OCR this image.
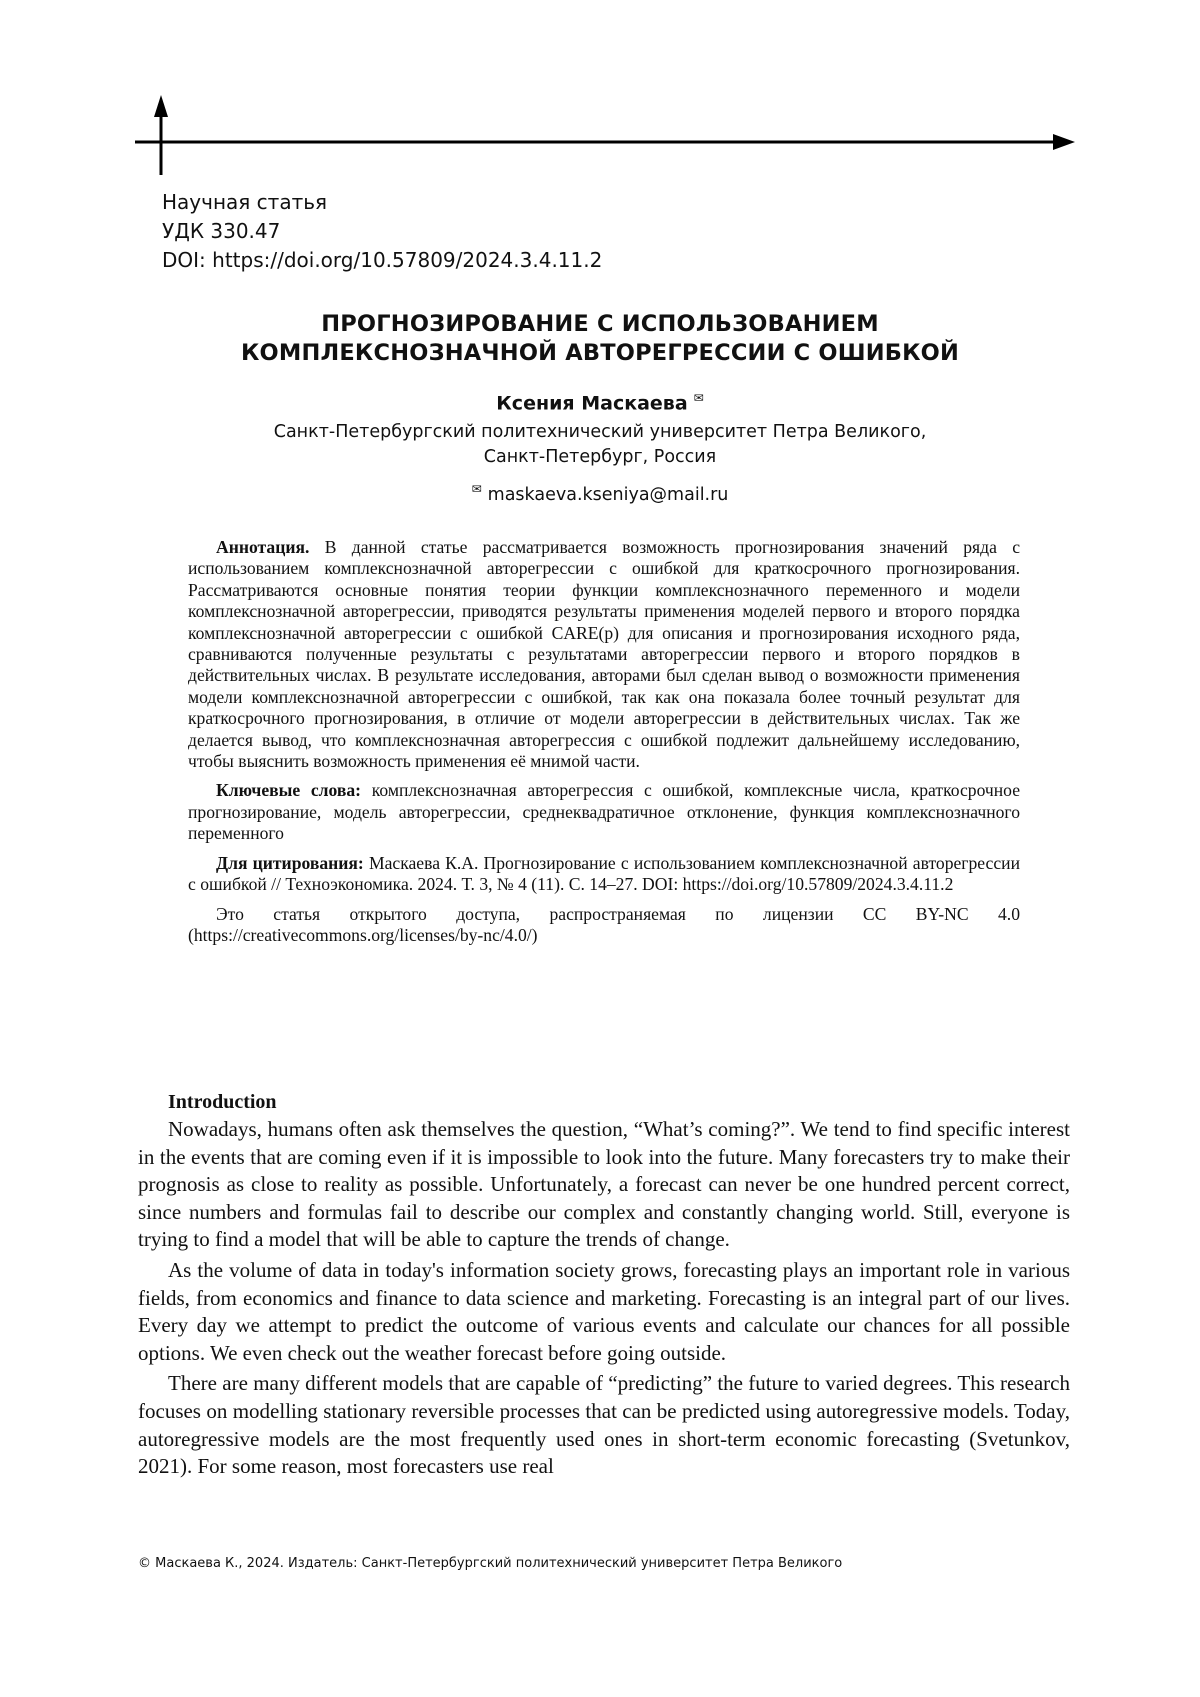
Научная статья
УДК 330.47
DOI: https://doi.org/10.57809/2024.3.4.11.2
ПРОГНОЗИРОВАНИЕ С ИСПОЛЬЗОВАНИЕМ
КОМПЛЕКСНОЗНАЧНОЙ АВТОРЕГРЕССИИ С ОШИБКОЙ
Ксения Маскаева ✉
Санкт-Петербургский политехнический университет Петра Великого,
Санкт-Петербург, Россия
✉ maskaeva.kseniya@mail.ru

Аннотация. В данной статье рассматривается возможность прогнозирования значений ряда с использованием комплекснозначной авторегрессии с ошибкой для краткосрочного прогнозирования. Рассматриваются основные понятия теории функции комплекснозначного переменного и модели комплекснозначной авторегрессии, приводятся результаты применения моделей первого и второго порядка комплекснозначной авторегрессии с ошибкой CARE(p) для описания и прогнозирования исходного ряда, сравниваются полученные результаты с результатами авторегрессии первого и второго порядков в действительных числах. В результате исследования, авторами был сделан вывод о возможности применения модели комплекснозначной авторегрессии с ошибкой, так как она показала более точный результат для краткосрочного прогнозирования, в отличие от модели авторегрессии в действительных числах. Так же делается вывод, что комплекснозначная авторегрессия с ошибкой подлежит дальнейшему исследованию, чтобы выяснить возможность применения её мнимой части.

Ключевые слова: комплекснозначная авторегрессия с ошибкой, комплексные числа, краткосрочное прогнозирование, модель авторегрессии, среднеквадратичное отклонение, функция комплекснозначного переменного

Для цитирования: Маскаева К.А. Прогнозирование с использованием комплекснозначной авторегрессии с ошибкой // Техноэкономика. 2024. Т. 3, № 4 (11). С. 14–27. DOI: https://doi.org/10.57809/2024.3.4.11.2

Это статья открытого доступа, распространяемая по лицензии CC BY-NC 4.0 (https://creativecommons.org/licenses/by-nc/4.0/)

Introduction

Nowadays, humans often ask themselves the question, “What’s coming?”. We tend to find specific interest in the events that are coming even if it is impossible to look into the future. Many forecasters try to make their prognosis as close to reality as possible. Unfortunately, a forecast can never be one hundred percent correct, since numbers and formulas fail to describe our complex and constantly changing world. Still, everyone is trying to find a model that will be able to capture the trends of change.

As the volume of data in today's information society grows, forecasting plays an important role in various fields, from economics and finance to data science and marketing. Forecasting is an integral part of our lives. Every day we attempt to predict the outcome of various events and calculate our chances for all possible options. We even check out the weather forecast before going outside.

There are many different models that are capable of “predicting” the future to varied degrees. This research focuses on modelling stationary reversible processes that can be predicted using autoregressive models. Today, autoregressive models are the most frequently used ones in short-term economic forecasting (Svetunkov, 2021). For some reason, most forecasters use real

© Маскаева К., 2024. Издатель: Санкт-Петербургский политехнический университет Петра Великого
